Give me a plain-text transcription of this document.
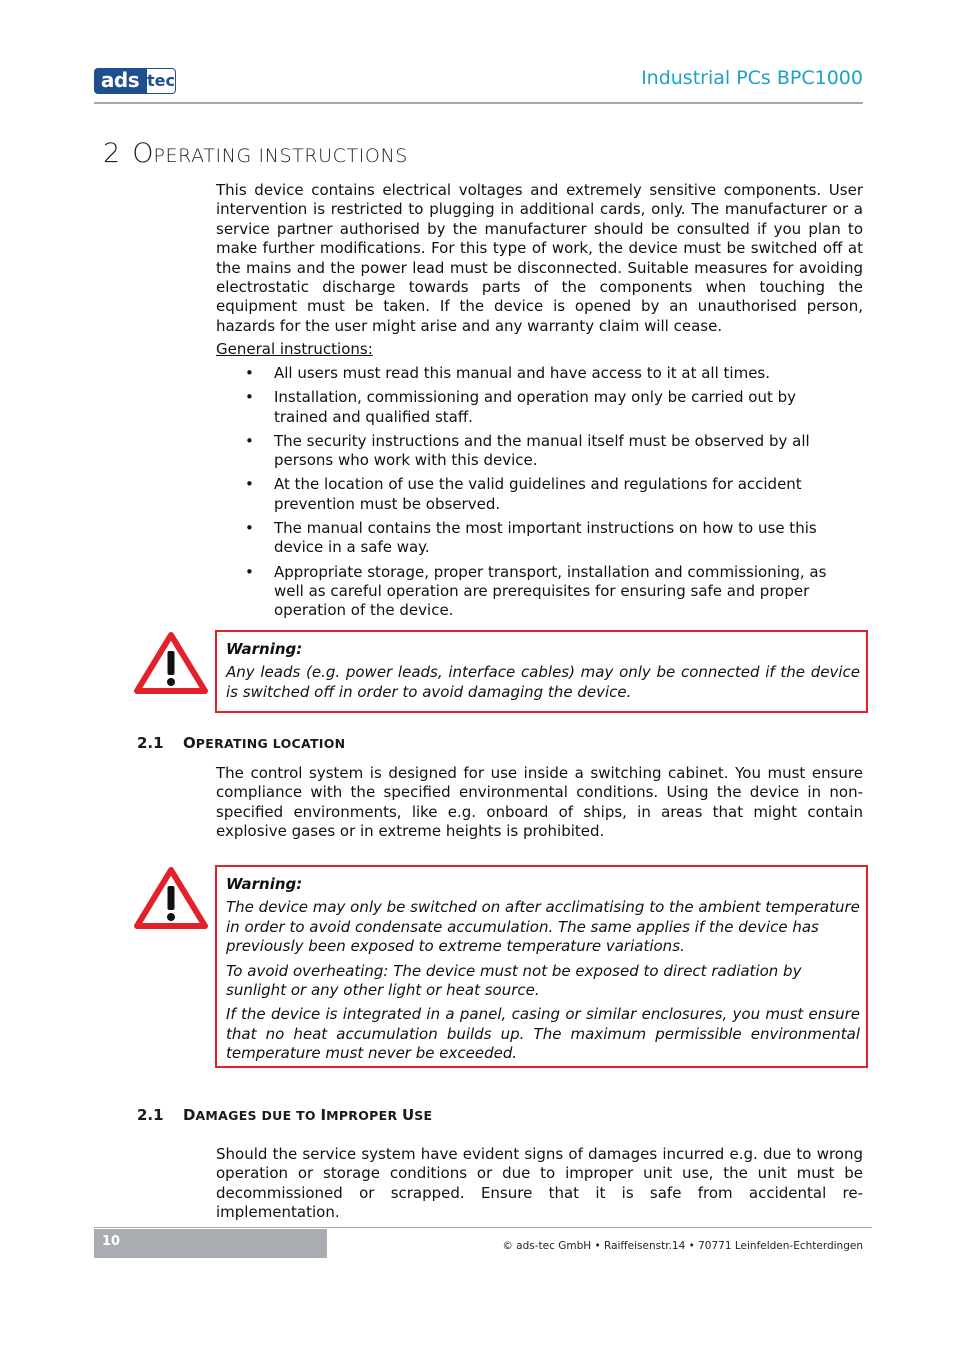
ads tec	Industrial PCs BPC1000
2 OPERATING INSTRUCTIONS

This device contains electrical voltages and extremely sensitive components. User intervention is restricted to plugging in additional cards, only. The manufacturer or a service partner authorised by the manufacturer should be consulted if you plan to make further modifications. For this type of work, the device must be switched off at the mains and the power lead must be disconnected. Suitable measures for avoiding electrostatic discharge towards parts of the components when touching the equipment must be taken. If the device is opened by an unauthorised person, hazards for the user might arise and any warranty claim will cease.

General instructions:
• All users must read this manual and have access to it at all times.
• Installation, commissioning and operation may only be carried out by trained and qualified staff.
• The security instructions and the manual itself must be observed by all persons who work with this device.
• At the location of use the valid guidelines and regulations for accident prevention must be observed.
• The manual contains the most important instructions on how to use this device in a safe way.
• Appropriate storage, proper transport, installation and commissioning, as well as careful operation are prerequisites for ensuring safe and proper operation of the device.
Warning:

Any leads (e.g. power leads, interface cables) may only be connected if the device is switched off in order to avoid damaging the device.

2.1 OPERATING LOCATION

The control system is designed for use inside a switching cabinet. You must ensure compliance with the specified environmental conditions. Using the device in non-specified environments, like e.g. onboard of ships, in areas that might contain explosive gases or in extreme heights is prohibited.

Warning:

The device may only be switched on after acclimatising to the ambient temperature in order to avoid condensate accumulation. The same applies if the device has previously been exposed to extreme temperature variations.

To avoid overheating: The device must not be exposed to direct radiation by sunlight or any other light or heat source.

If the device is integrated in a panel, casing or similar enclosures, you must ensure that no heat accumulation builds up. The maximum permissible environmental temperature must never be exceeded.

2.1 DAMAGES DUE TO IMPROPER USE

Should the service system have evident signs of damages incurred e.g. due to wrong operation or storage conditions or due to improper unit use, the unit must be decommissioned or scrapped. Ensure that it is safe from accidental re-implementation.

10	© ads-tec GmbH • Raiffeisenstr.14 • 70771 Leinfelden-Echterdingen
